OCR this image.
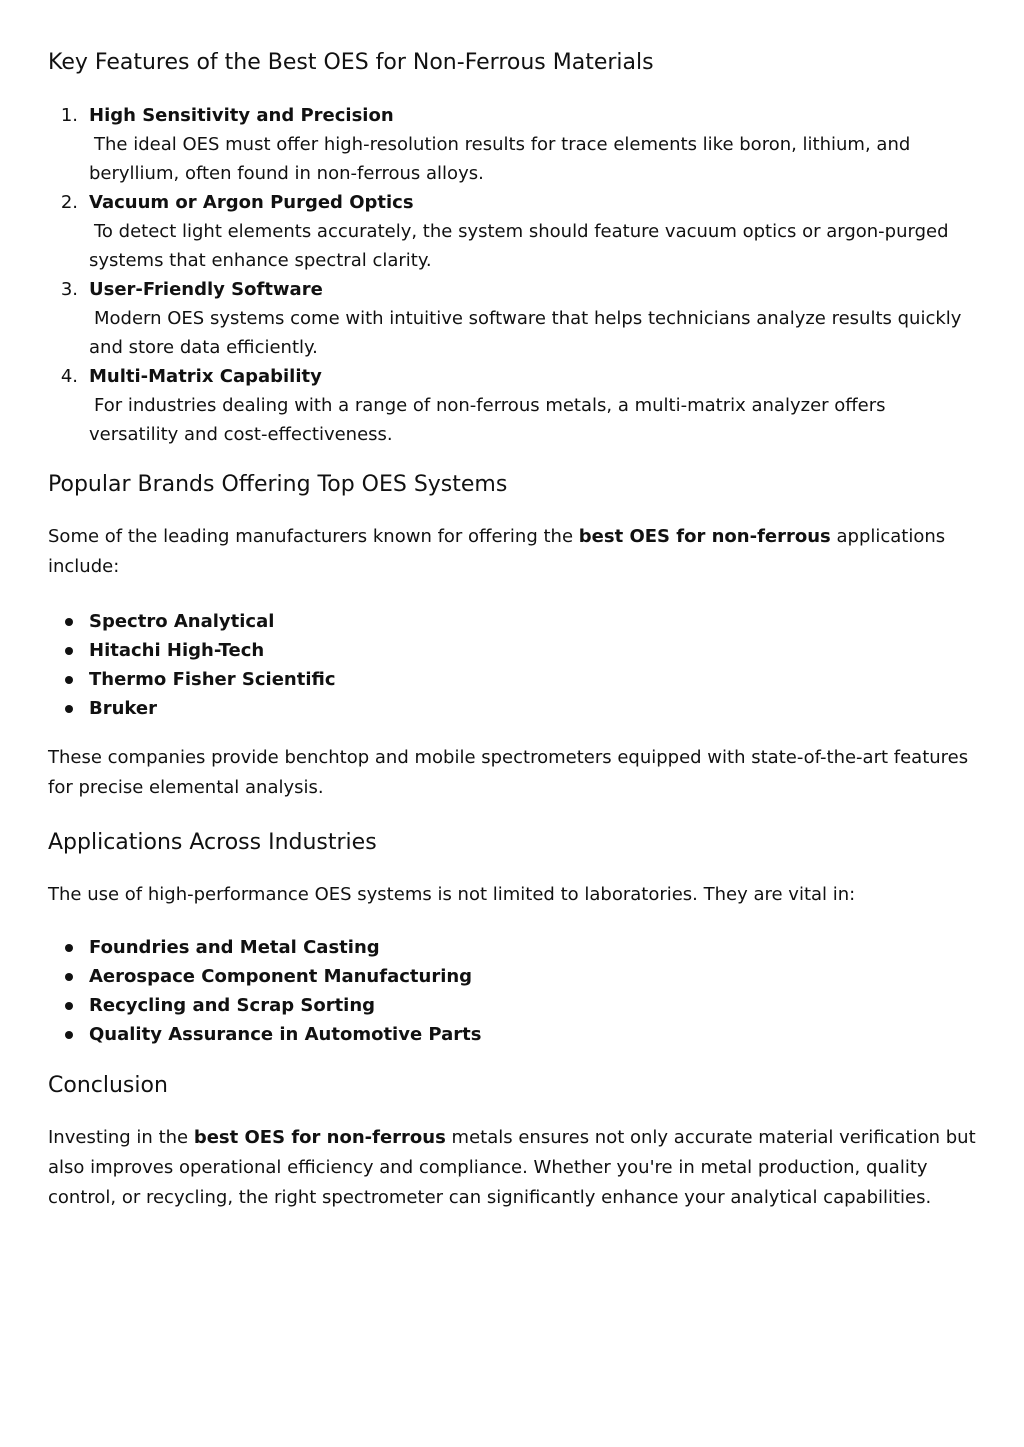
Key Features of the Best OES for Non-Ferrous Materials
1. High Sensitivity and Precision
The ideal OES must offer high-resolution results for trace elements like boron, lithium, and beryllium, often found in non-ferrous alloys.
2. Vacuum or Argon Purged Optics
To detect light elements accurately, the system should feature vacuum optics or argon-purged systems that enhance spectral clarity.
3. User-Friendly Software
Modern OES systems come with intuitive software that helps technicians analyze results quickly and store data efficiently.
4. Multi-Matrix Capability
For industries dealing with a range of non-ferrous metals, a multi-matrix analyzer offers versatility and cost-effectiveness.
Popular Brands Offering Top OES Systems

Some of the leading manufacturers known for offering the best OES for non-ferrous applications include:

Spectro Analytical
Hitachi High-Tech
Thermo Fisher Scientific
Bruker

These companies provide benchtop and mobile spectrometers equipped with state-of-the-art features for precise elemental analysis.

Applications Across Industries

The use of high-performance OES systems is not limited to laboratories. They are vital in:

Foundries and Metal Casting
Aerospace Component Manufacturing
Recycling and Scrap Sorting
Quality Assurance in Automotive Parts
Conclusion

Investing in the best OES for non-ferrous metals ensures not only accurate material verification but also improves operational efficiency and compliance. Whether you're in metal production, quality control, or recycling, the right spectrometer can significantly enhance your analytical capabilities.
